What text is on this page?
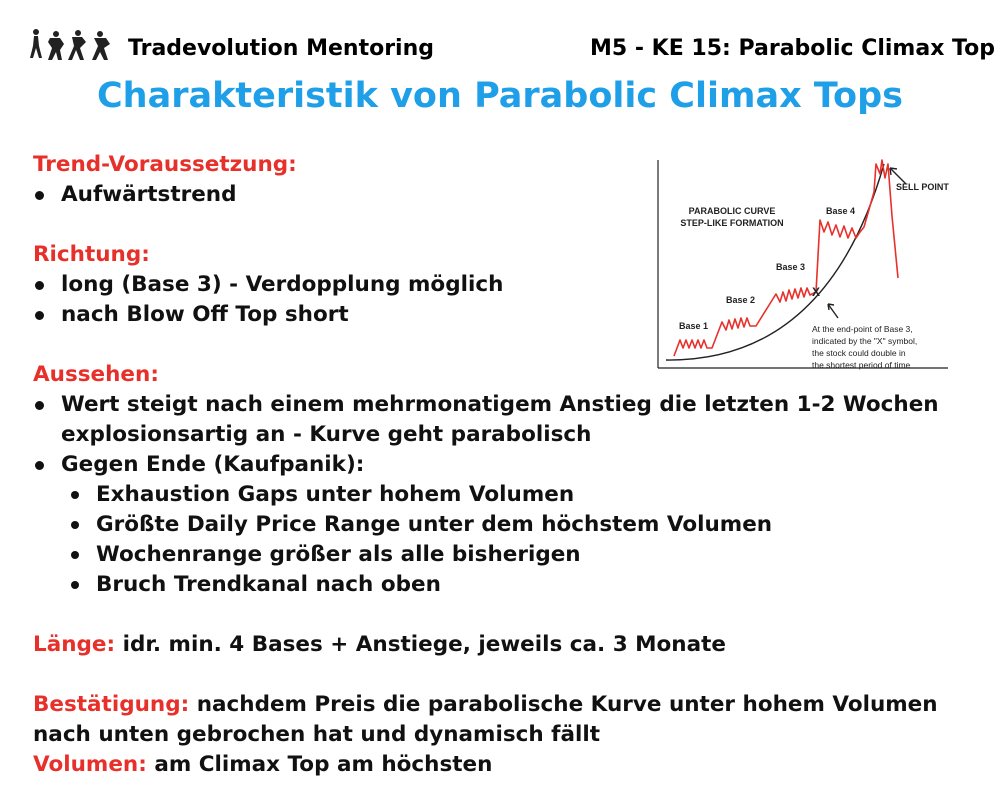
Tradevolution Mentoring	M5 - KE 15: Parabolic Climax Top
Charakteristik von Parabolic Climax Tops
Trend-Voraussetzung:
Aufwärtstrend
Richtung:
long (Base 3) - Verdopplung möglich
nach Blow Off Top short
Aussehen:
Wert steigt nach einem mehrmonatigem Anstieg die letzten 1-2 Wochen explosionsartig an - Kurve geht parabolisch
Gegen Ende (Kaufpanik):
Exhaustion Gaps unter hohem Volumen
Größte Daily Price Range unter dem höchstem Volumen
Wochenrange größer als alle bisherigen
Bruch Trendkanal nach oben
Länge: idr. min. 4 Bases + Anstiege, jeweils ca. 3 Monate
Bestätigung: nachdem Preis die parabolische Kurve unter hohem Volumen nach unten gebrochen hat und dynamisch fällt
Volumen: am Climax Top am höchsten
PARABOLIC CURVE
STEP-LIKE FORMATION
Base 1
Base 2
Base 3
Base 4
X
SELL POINT
At the end-point of Base 3,
indicated by the "X" symbol,
the stock could double in
the shortest period of time
